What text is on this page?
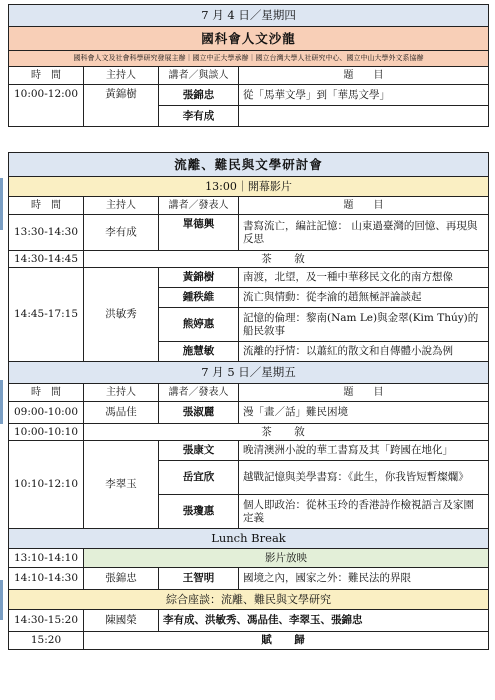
7 月 4 日／星期四			
國科會人文沙龍			
國科會人文及社會科學研究發展主辦｜國立中正大學承辦｜國立台灣大學人社研究中心、國立中山大學外文系協辦			
時　間	主持人	講者／與談人	題　　目
10:00-12:00	黃錦樹	張錦忠	從「馬華文學」到「華馬文學」
		李有成	
流離、難民與文學研討會			
13:00｜開幕影片			
時　間	主持人	講者／發表人	題　　目
13:30-14:30	李有成	單德興	書寫流亡，編註記憶： 山東過臺灣的回憶、再現與反思
14:30-14:45	茶　敘		
14:45-17:15	洪敏秀	黃錦樹	南渡，北望，及一種中華移民文化的南方想像
		鍾秩維	流亡與情動：從李渝的趙無極評論談起
		熊婷惠	記憶的倫理：黎南(Nam Le)與金翠(Kim Thúy)的船民敘事
		施慧敏	流離的抒情：以蕭紅的散文和自傳體小說為例
7 月 5 日／星期五			
時　間	主持人	講者／發表人	題　　目
09:00-10:00	馮品佳	張淑麗	漫「畫／話」難民困境
10:00-10:10	茶　敘		
10:10-12:10	李翠玉	張康文	晚清澳洲小說的華工書寫及其「跨國在地化」
		岳宜欣	越戰記憶與美學書寫：《此生，你我皆短暫燦爛》
		張瓊惠	個人即政治：從林玉玲的香港詩作檢視語言及家園定義
Lunch Break			
13:10-14:10	影片放映		
14:10-14:30	張錦忠	王智明	國境之內，國家之外：難民法的界限
綜合座談：流離、難民與文學研究			
14:30-15:20	陳國榮	李有成、洪敏秀、馮品佳、李翠玉、張錦忠	
15:20	賦　歸		
